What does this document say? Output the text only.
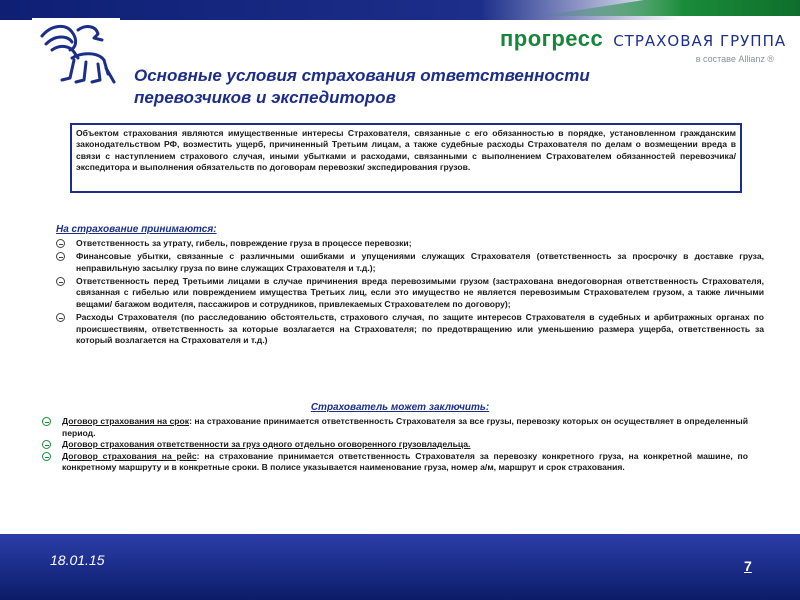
прогресс СТРАХОВАЯ ГРУППА
в составе Allianz ®
Основные условия страхования ответственности
перевозчиков и экспедиторов
Объектом страхования являются имущественные интересы Страхователя, связанные с его обязанностью в порядке, установленном гражданским законодательством РФ, возместить ущерб, причиненный Третьим лицам, а также судебные расходы Страхователя по делам о возмещении вреда в связи с наступлением страхового случая, иными убытками и расходами, связанными с выполнением Страхователем обязанностей перевозчика/экспедитора и выполнения обязательств по договорам перевозки/ экспедирования грузов.
На страхование принимаются:
Ответственность за утрату, гибель, повреждение груза в процессе перевозки;
Финансовые убытки, связанные с различными ошибками и упущениями служащих Страхователя (ответственность за просрочку в доставке груза, неправильную засылку груза по вине служащих Страхователя и т.д.);
Ответственность перед Третьими лицами в случае причинения вреда перевозимыми грузом (застрахована внедоговорная ответственность Страхователя, связанная с гибелью или повреждением имущества Третьих лиц, если это имущество не является перевозимым Страхователем грузом, а также личными вещами/ багажом водителя, пассажиров и сотрудников, привлекаемых Страхователем по договору);
Расходы Страхователя (по расследованию обстоятельств, страхового случая, по защите интересов Страхователя в судебных и арбитражных органах по происшествиям, ответственность за которые возлагается на Страхователя; по предотвращению или уменьшению размера ущерба, ответственность за который возлагается на Страхователя и т.д.)
Страхователь может заключить:
Договор страхования на срок: на страхование принимается ответственность Страхователя за все грузы, перевозку которых он осуществляет в определенный период.
Договор страхования ответственности за груз одного отдельно оговоренного грузовладельца.
Договор страхования на рейс: на страхование принимается ответственность Страхователя за перевозку конкретного груза, на конкретной машине, по конкретному маршруту и в конкретные сроки. В полисе указывается наименование груза, номер а/м, маршрут и срок страхования.
18.01.15	7
